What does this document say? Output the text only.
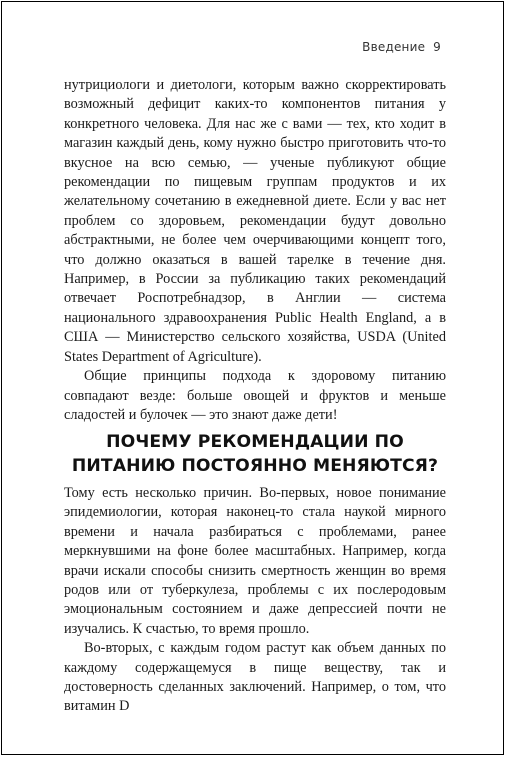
Введение 9

нутрициологи и диетологи, которым важно скорректировать возможный дефицит каких-то компонентов питания у конкретного человека. Для нас же с вами — тех, кто ходит в магазин каждый день, кому нужно быстро приготовить что-то вкусное на всю семью, — ученые публикуют общие рекомендации по пищевым группам продуктов и их желательному сочетанию в ежедневной диете. Если у вас нет проблем со здоровьем, рекомендации будут довольно абстрактными, не более чем очерчивающими концепт того, что должно оказаться в вашей тарелке в течение дня. Например, в России за публикацию таких рекомендаций отвечает Роспотребнадзор, в Англии — система национального здравоохранения Public Health England, а в США — Министерство сельского хозяйства, USDA (United States Department of Agriculture).

Общие принципы подхода к здоровому питанию совпадают везде: больше овощей и фруктов и меньше сладостей и булочек — это знают даже дети!

ПОЧЕМУ РЕКОМЕНДАЦИИ ПО ПИТАНИЮ ПОСТОЯННО МЕНЯЮТСЯ?

Тому есть несколько причин. Во-первых, новое понимание эпидемиологии, которая наконец-то стала наукой мирного времени и начала разбираться с проблемами, ранее меркнувшими на фоне более масштабных. Например, когда врачи искали способы снизить смертность женщин во время родов или от туберкулеза, проблемы с их послеродовым эмоциональным состоянием и даже депрессией почти не изучались. К счастью, то время прошло.

Во-вторых, с каждым годом растут как объем данных по каждому содержащемуся в пище веществу, так и достоверность сделанных заключений. Например, о том, что витамин D
